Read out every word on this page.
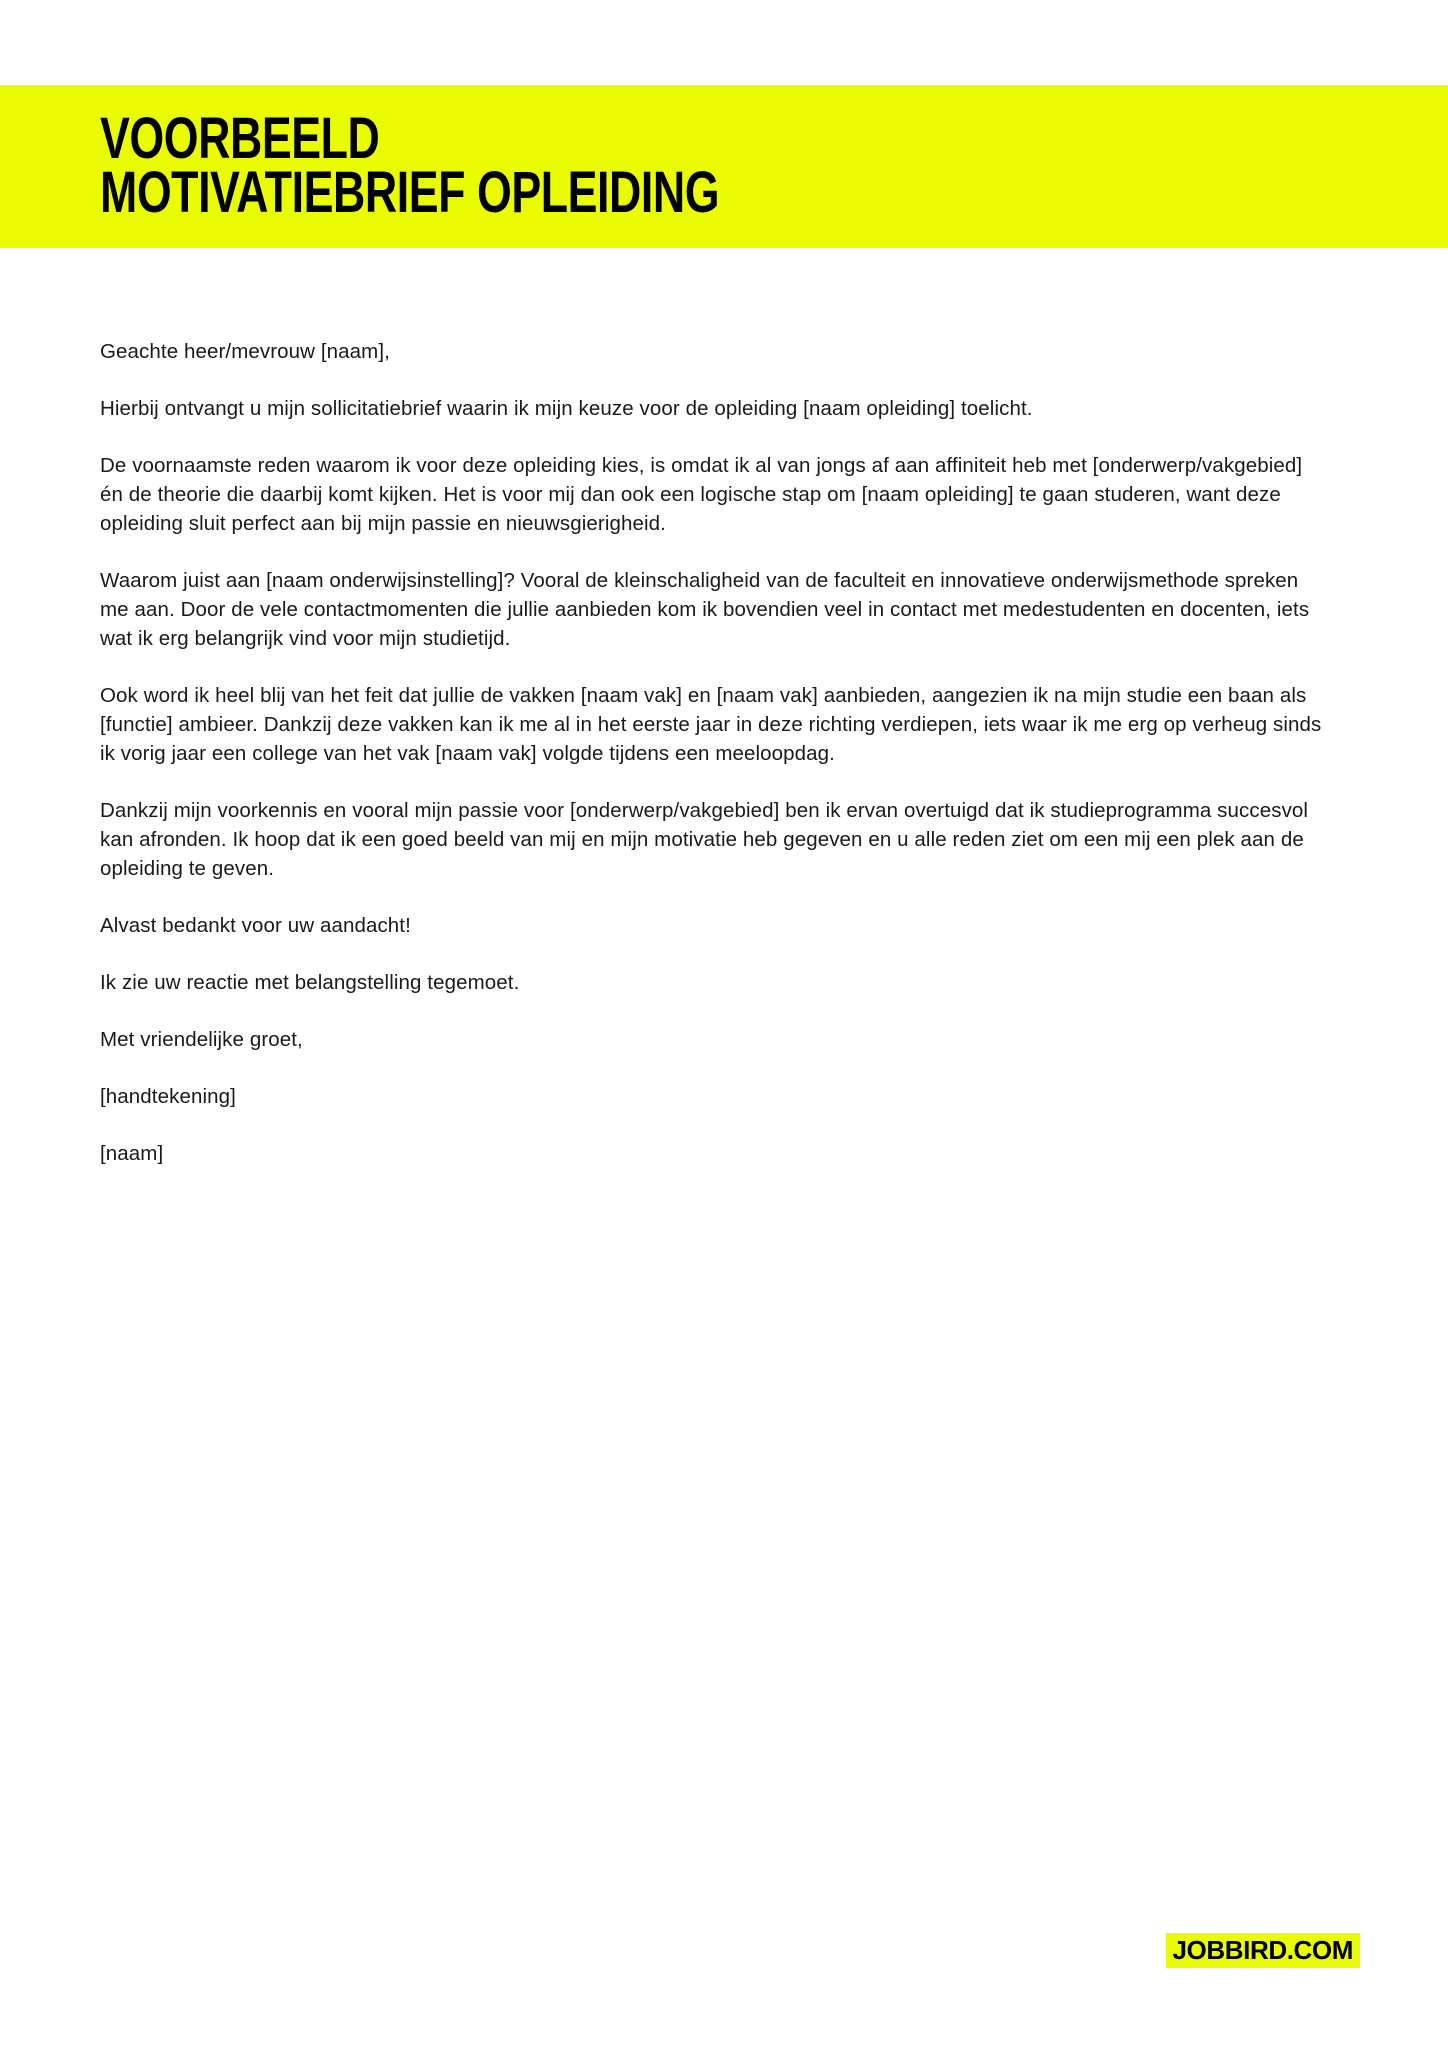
VOORBEELD
MOTIVATIEBRIEF OPLEIDING

Geachte heer/mevrouw [naam],

Hierbij ontvangt u mijn sollicitatiebrief waarin ik mijn keuze voor de opleiding [naam opleiding] toelicht.

De voornaamste reden waarom ik voor deze opleiding kies, is omdat ik al van jongs af aan affiniteit heb met [onderwerp/vakgebied] én de theorie die daarbij komt kijken. Het is voor mij dan ook een logische stap om [naam opleiding] te gaan studeren, want deze opleiding sluit perfect aan bij mijn passie en nieuwsgierigheid.

Waarom juist aan [naam onderwijsinstelling]? Vooral de kleinschaligheid van de faculteit en innovatieve onderwijsmethode spreken me aan. Door de vele contactmomenten die jullie aanbieden kom ik bovendien veel in contact met medestudenten en docenten, iets wat ik erg belangrijk vind voor mijn studietijd.

Ook word ik heel blij van het feit dat jullie de vakken [naam vak] en [naam vak] aanbieden, aangezien ik na mijn studie een baan als [functie] ambieer. Dankzij deze vakken kan ik me al in het eerste jaar in deze richting verdiepen, iets waar ik me erg op verheug sinds ik vorig jaar een college van het vak [naam vak] volgde tijdens een meeloopdag.

Dankzij mijn voorkennis en vooral mijn passie voor [onderwerp/vakgebied] ben ik ervan overtuigd dat ik studieprogramma succesvol kan afronden. Ik hoop dat ik een goed beeld van mij en mijn motivatie heb gegeven en u alle reden ziet om een mij een plek aan de opleiding te geven.

Alvast bedankt voor uw aandacht!

Ik zie uw reactie met belangstelling tegemoet.

Met vriendelijke groet,

[handtekening]

[naam]

JOBBIRD.COM
